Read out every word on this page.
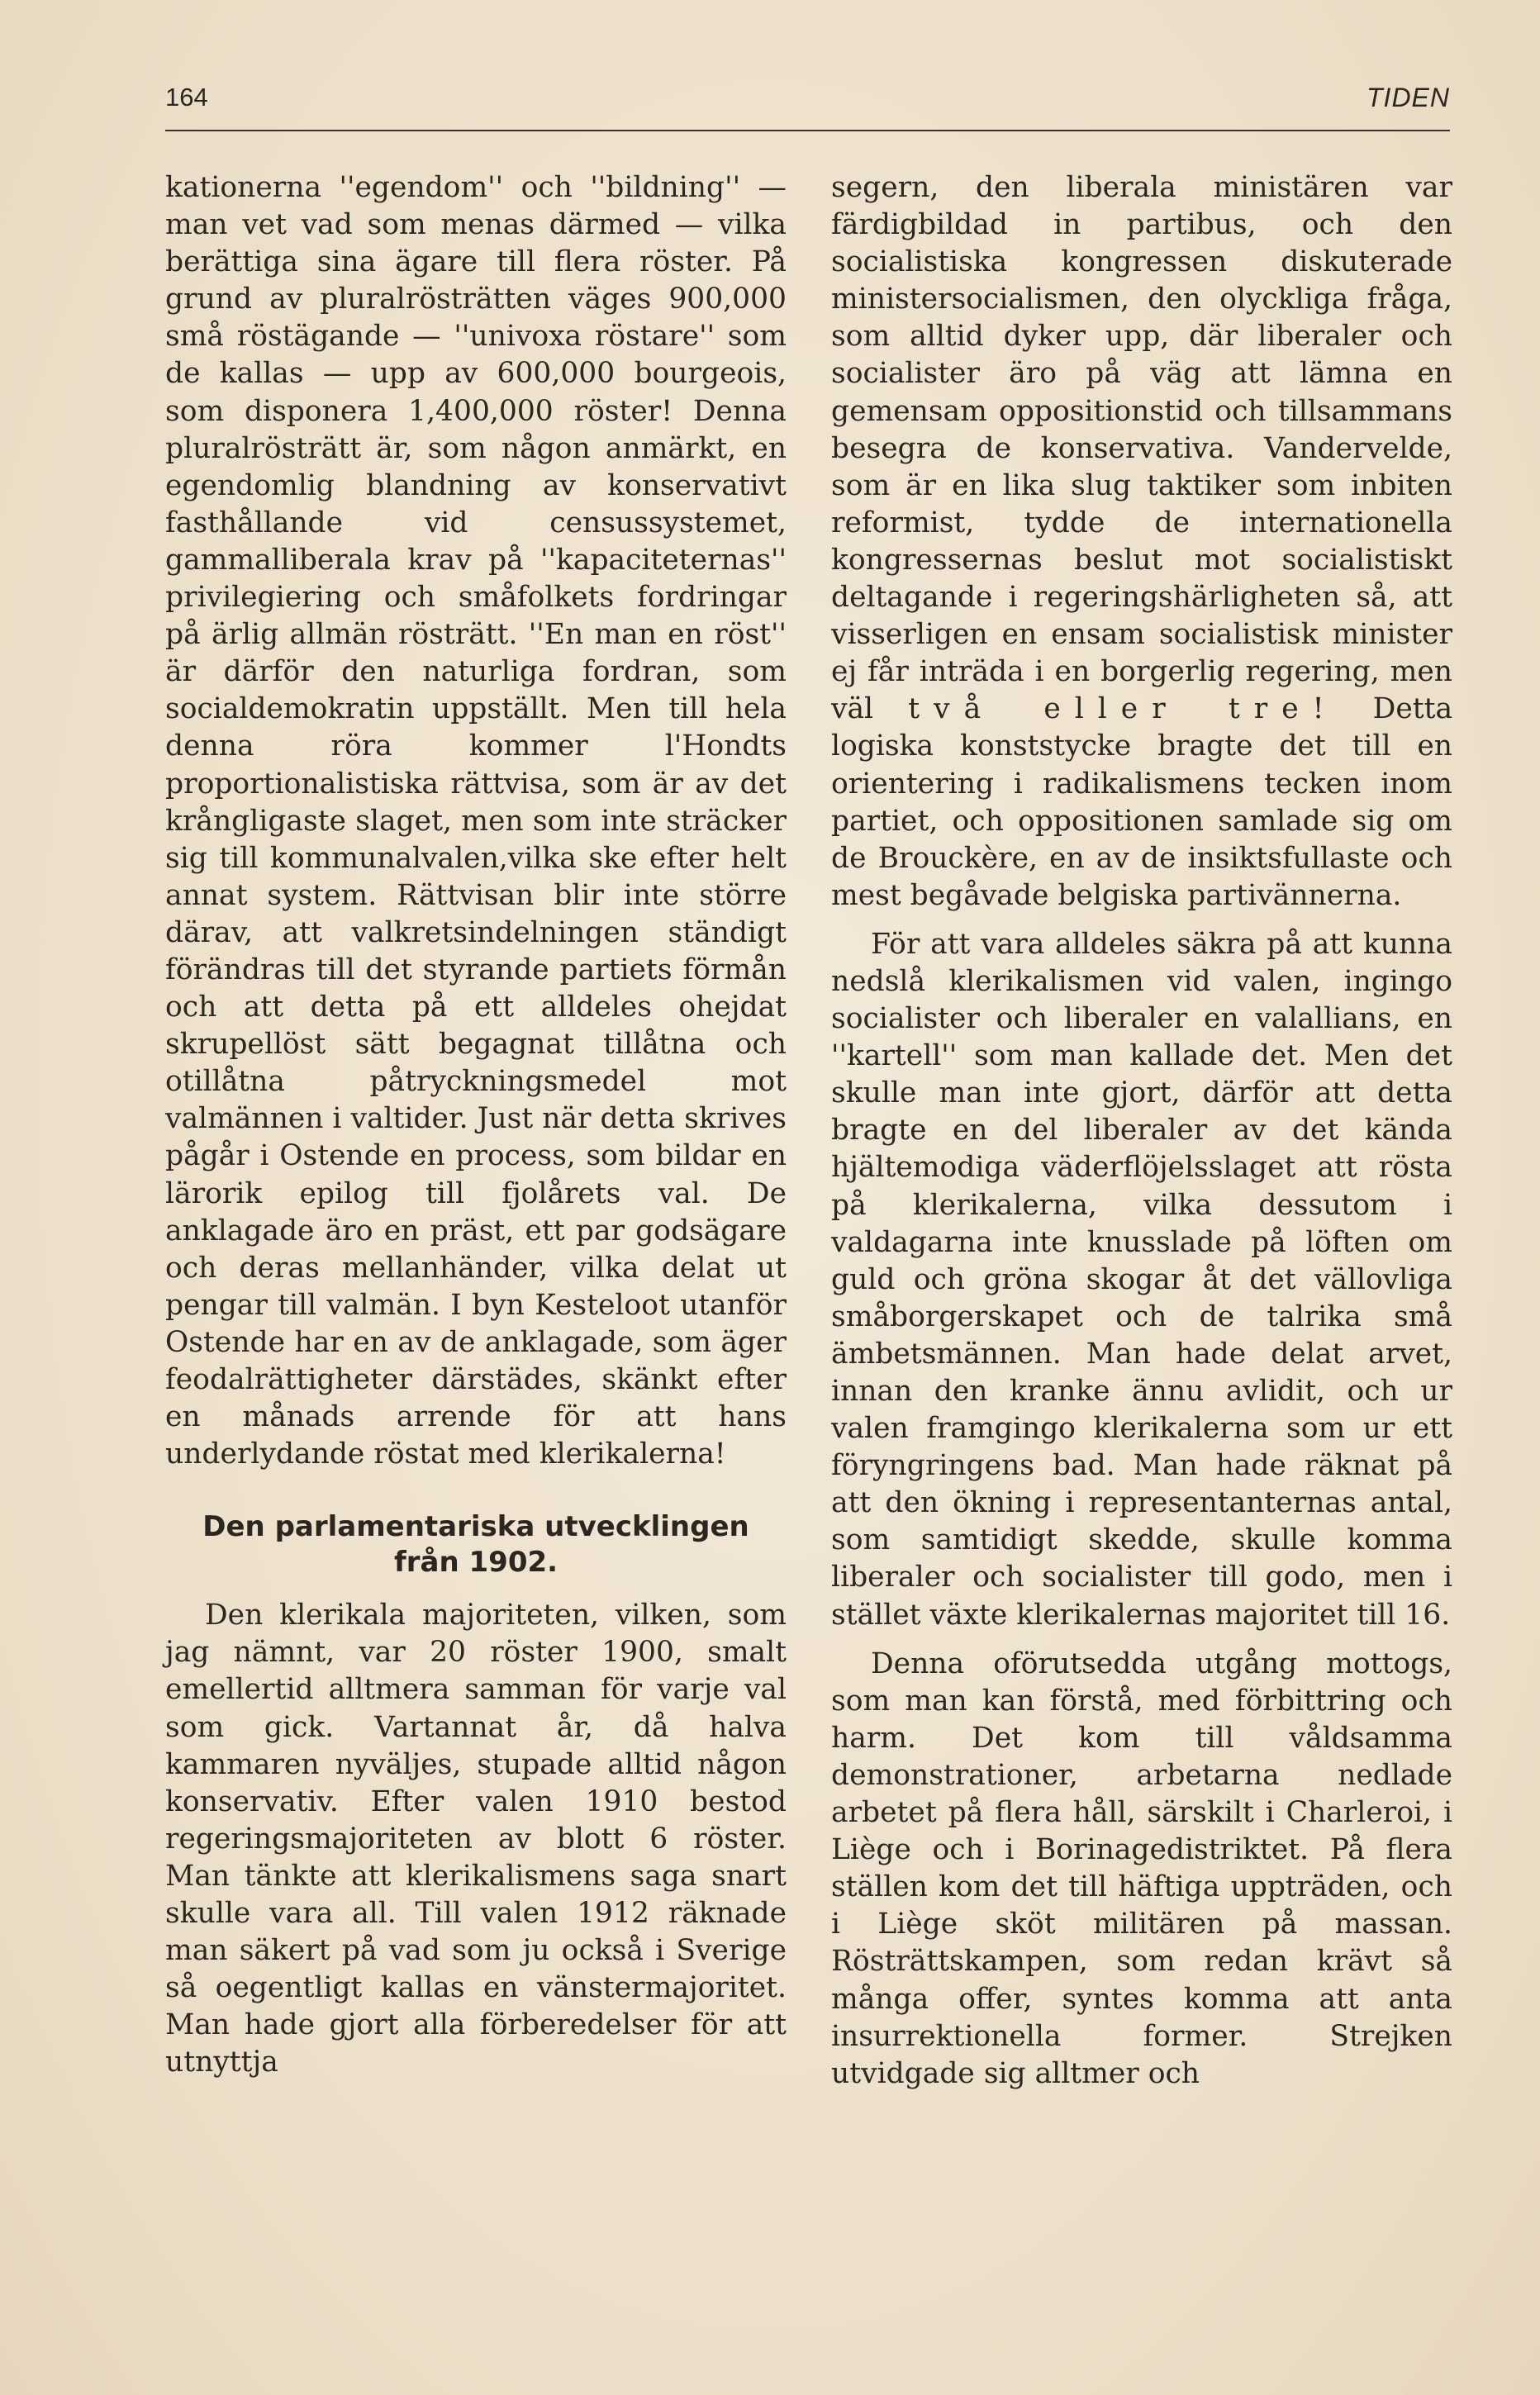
164	TIDEN

kationerna ''egendom'' och ''bildning'' — man vet vad som menas därmed — vilka berättiga sina ägare till flera röster. På grund av pluralrösträtten väges 900,000 små röstägande — ''univoxa röstare'' som de kallas — upp av 600,000 bourgeois, som disponera 1,400,000 röster! Denna pluralrösträtt är, som någon anmärkt, en egendomlig blandning av konservativt fasthållande vid censussystemet, gammalliberala krav på ''kapaciteternas'' privilegiering och småfolkets fordringar på ärlig allmän rösträtt. ''En man en röst'' är därför den naturliga fordran, som socialdemokratin uppställt. Men till hela denna röra kommer l'Hondts proportionalistiska rättvisa, som är av det krångligaste slaget, men som inte sträcker sig till kommunalvalen,vilka ske efter helt annat system. Rättvisan blir inte större därav, att valkretsindelningen ständigt förändras till det styrande partiets förmån och att detta på ett alldeles ohejdat skrupellöst sätt begagnat tillåtna och otillåtna påtryckningsmedel mot valmännen i valtider. Just när detta skrives pågår i Ostende en process, som bildar en lärorik epilog till fjolårets val. De anklagade äro en präst, ett par godsägare och deras mellanhänder, vilka delat ut pengar till valmän. I byn Kesteloot utanför Ostende har en av de anklagade, som äger feodalrättigheter därstädes, skänkt efter en månads arrende för att hans underlydande röstat med klerikalerna!

Den parlamentariska utvecklingen
från 1902.

Den klerikala majoriteten, vilken, som jag nämnt, var 20 röster 1900, smalt emellertid alltmera samman för varje val som gick. Vartannat år, då halva kammaren nyväljes, stupade alltid någon konservativ. Efter valen 1910 bestod regeringsmajoriteten av blott 6 röster. Man tänkte att klerikalismens saga snart skulle vara all. Till valen 1912 räknade man säkert på vad som ju också i Sverige så oegentligt kallas en vänstermajoritet. Man hade gjort alla förberedelser för att utnyttja

segern, den liberala ministären var färdigbildad in partibus, och den socialistiska kongressen diskuterade ministersocialismen, den olyckliga fråga, som alltid dyker upp, där liberaler och socialister äro på väg att lämna en gemensam oppositionstid och tillsammans besegra de konservativa. Vandervelde, som är en lika slug taktiker som inbiten reformist, tydde de internationella kongressernas beslut mot socialistiskt deltagande i regeringshärligheten så, att visserligen en ensam socialistisk minister ej får inträda i en borgerlig regering, men väl två eller tre! Detta logiska konststycke bragte det till en orientering i radikalismens tecken inom partiet, och oppositionen samlade sig om de Brouckère, en av de insiktsfullaste och mest begåvade belgiska partivännerna.

För att vara alldeles säkra på att kunna nedslå klerikalismen vid valen, ingingo socialister och liberaler en valallians, en ''kartell'' som man kallade det. Men det skulle man inte gjort, därför att detta bragte en del liberaler av det kända hjältemodiga väderflöjelsslaget att rösta på klerikalerna, vilka dessutom i valdagarna inte knusslade på löften om guld och gröna skogar åt det vällovliga småborgerskapet och de talrika små ämbetsmännen. Man hade delat arvet, innan den kranke ännu avlidit, och ur valen framgingo klerikalerna som ur ett föryngringens bad. Man hade räknat på att den ökning i representanternas antal, som samtidigt skedde, skulle komma liberaler och socialister till godo, men i stället växte klerikalernas majoritet till 16.

Denna oförutsedda utgång mottogs, som man kan förstå, med förbittring och harm. Det kom till våldsamma demonstrationer, arbetarna nedlade arbetet på flera håll, särskilt i Charleroi, i Liège och i Borinagedistriktet. På flera ställen kom det till häftiga uppträden, och i Liège sköt militären på massan. Rösträttskampen, som redan krävt så många offer, syntes komma att anta insurrektionella former. Strejken utvidgade sig alltmer och
